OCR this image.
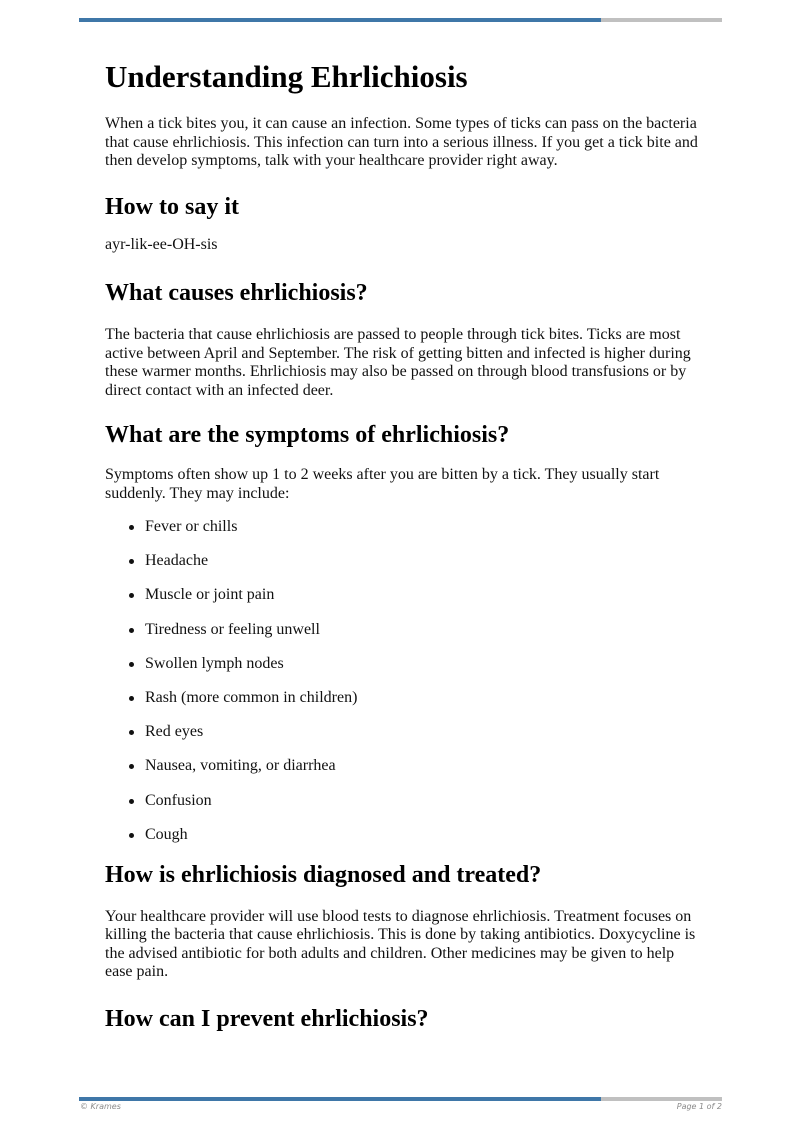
Understanding Ehrlichiosis

When a tick bites you, it can cause an infection. Some types of ticks can pass on the bacteria that cause ehrlichiosis. This infection can turn into a serious illness. If you get a tick bite and then develop symptoms, talk with your healthcare provider right away.

How to say it

ayr-lik-ee-OH-sis

What causes ehrlichiosis?

The bacteria that cause ehrlichiosis are passed to people through tick bites. Ticks are most active between April and September. The risk of getting bitten and infected is higher during these warmer months. Ehrlichiosis may also be passed on through blood transfusions or by direct contact with an infected deer.

What are the symptoms of ehrlichiosis?

Symptoms often show up 1 to 2 weeks after you are bitten by a tick. They usually start suddenly. They may include:

Fever or chills
Headache
Muscle or joint pain
Tiredness or feeling unwell
Swollen lymph nodes
Rash (more common in children)
Red eyes
Nausea, vomiting, or diarrhea
Confusion
Cough
How is ehrlichiosis diagnosed and treated?

Your healthcare provider will use blood tests to diagnose ehrlichiosis. Treatment focuses on killing the bacteria that cause ehrlichiosis. This is done by taking antibiotics. Doxycycline is the advised antibiotic for both adults and children. Other medicines may be given to help ease pain.

How can I prevent ehrlichiosis?
© Krames	Page 1 of 2
